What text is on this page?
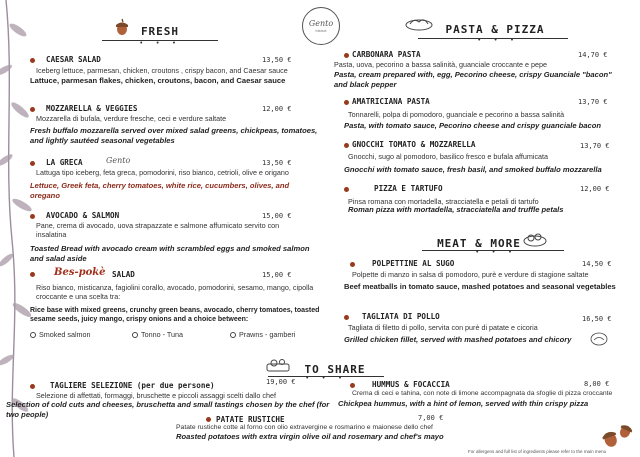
Gento
bistrot
FRESH
• • •
PASTA & PIZZA
• • •
CAESAR SALAD	13,50 €
Iceberg lettuce, parmesan, chicken, croutons , crispy bacon, and Caesar sauce
Lattuce, parmesan flakes, chicken, croutons, bacon, and Caesar sauce
MOZZARELLA & VEGGIES	12,00 €
Mozzarella di bufala, verdure fresche, ceci e verdure saltate
Fresh buffalo mozzarella served over mixed salad greens, chickpeas, tomatoes, and lightly sautéed seasonal vegetables
LA GRECA	Gento	13,50 €
Lattuga tipo iceberg, feta greca, pomodorini, riso bianco, cetrioli, olive e origano
Lettuce, Greek feta, cherry tomatoes, white rice, cucumbers, olives, and oregano
AVOCADO & SALMON	15,00 €
Pane, crema di avocado, uova strapazzate e salmone affumicato servito con insalatina
Toasted Bread with avocado cream with scrambled eggs and smoked salmon and salad aside
Bes-pokè SALAD	15,00 €
Riso bianco, misticanza, fagiolini corallo, avocado, pomodorini, sesamo, mango, cipolla croccante e una scelta tra:
Rice base with mixed greens, crunchy green beans, avocado, cherry tomatoes, toasted sesame seeds, juicy mango, crispy onions and a choice between:
Smoked salmon	Tonno - Tuna	Prawns - gamberi
CARBONARA PASTA	14,70 €
Pasta, uova, pecorino a bassa salinità, guanciale croccante e pepe
Pasta, cream prepared with, egg, Pecorino cheese, crispy Guanciale "bacon" and black pepper
AMATRICIANA PASTA	13,70 €
Tonnarelli, polpa di pomodoro, guanciale e pecorino a bassa salinità
Pasta, with tomato sauce, Pecorino cheese and crispy guanciale bacon
GNOCCHI TOMATO & MOZZARELLA	13,70 €
Gnocchi, sugo al pomodoro, basilico fresco e bufala affumicata
Gnocchi with tomato sauce, fresh basil, and smoked buffalo mozzarella
PIZZA E TARTUFO	12,00 €
Pinsa romana con mortadella, stracciatella e petali di tartufo
Roman pizza with mortadella, stracciatella and truffle petals
MEAT & MORE
• • •
POLPETTINE AL SUGO	14,50 €
Polpette di manzo in salsa di pomodoro, purè e verdure di stagione saltate
Beef meatballs in tomato sauce, mashed potatoes and seasonal vegetables
TAGLIATA DI POLLO	16,50 €
Tagliata di filetto di pollo, servita con purè di patate e cicoria
Grilled chicken fillet, served with mashed potatoes and chicory
TO SHARE
• • •
TAGLIERE SELEZIONE (per due persone)	19,00 €
Selezione di affettati, formaggi, bruschette e piccoli assaggi scelti dallo chef
Selection of cold cuts and cheeses, bruschetta and small tastings chosen by the chef (for two people)
HUMMUS & FOCACCIA	8,00 €
Crema di ceci e tahina, con note di limone accompagnata da sfoglie di pizza croccante
Chickpea hummus, with a hint of lemon, served with thin crispy pizza
PATATE RUSTICHE	7,00 €
Patate rustiche cotte al forno con olio extravergine e rosmarino e maionese dello chef
Roasted potatoes with extra virgin olive oil and rosemary and chef's mayo
For allergens and full list of ingredients please refer to the main menu
